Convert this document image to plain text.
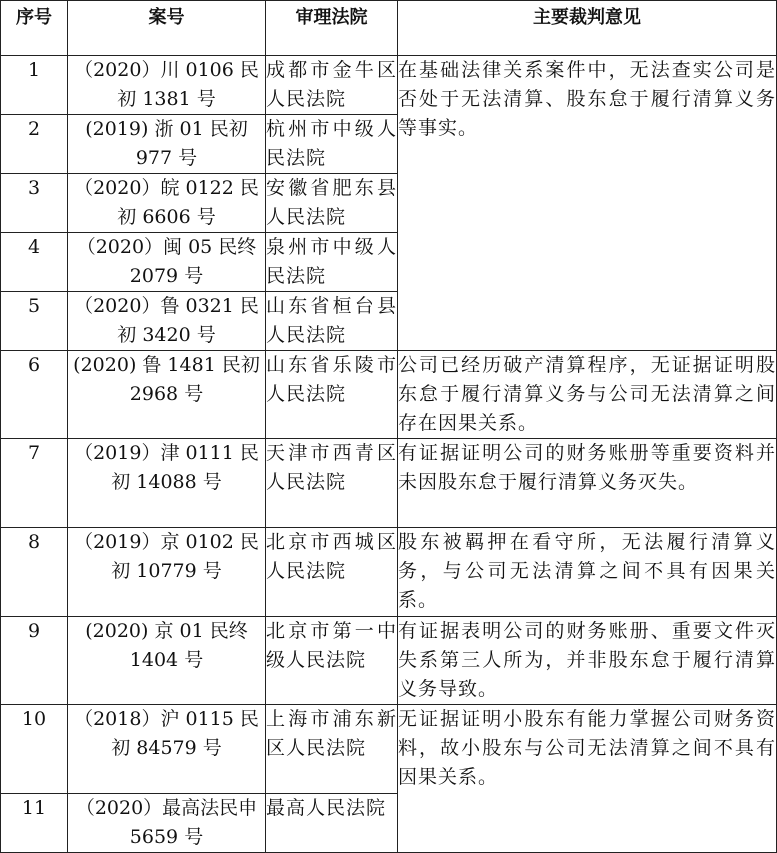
序号	案号	审理法院	主要裁判意见
1	（2020）川 0106 民初 1381 号	成都市金牛区人民法院	在基础法律关系案件中，无法查实公司是否处于无法清算、股东怠于履行清算义务等事实。

2	(2019) 浙 01 民初 977 号	杭州市中级人民法院	
3	（2020）皖 0122 民初 6606 号	安徽省肥东县人民法院	
4	（2020）闽 05 民终 2079 号	泉州市中级人民法院	
5	（2020）鲁 0321 民初 3420 号	山东省桓台县人民法院	
6	(2020) 鲁 1481 民初 2968 号	山东省乐陵市人民法院	公司已经历破产清算程序，无证据证明股东怠于履行清算义务与公司无法清算之间存在因果关系。

7	（2019）津 0111 民初 14088 号	天津市西青区人民法院	有证据证明公司的财务账册等重要资料并未因股东怠于履行清算义务灭失。

8	（2019）京 0102 民初 10779 号	北京市西城区人民法院	股东被羁押在看守所，无法履行清算义务，与公司无法清算之间不具有因果关系。

9	(2020) 京 01 民终 1404 号	北京市第一中级人民法院	有证据表明公司的财务账册、重要文件灭失系第三人所为，并非股东怠于履行清算义务导致。

10	（2018）沪 0115 民初 84579 号	上海市浦东新区人民法院	无证据证明小股东有能力掌握公司财务资料，故小股东与公司无法清算之间不具有因果关系。

11	（2020）最高法民申 5659 号	最高人民法院	
